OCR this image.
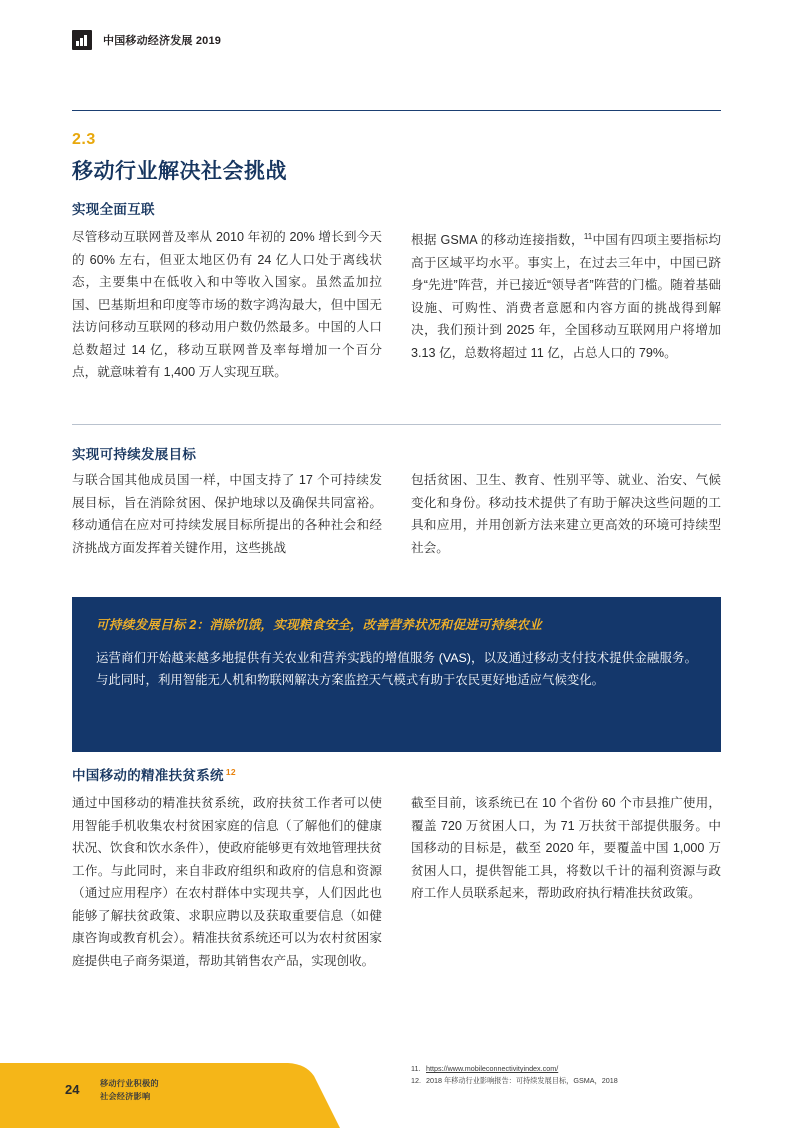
中国移动经济发展 2019
2.3
移动行业解决社会挑战
实现全面互联
尽管移动互联网普及率从 2010 年初的 20% 增长到今天的 60% 左右，但亚太地区仍有 24 亿人口处于离线状态，主要集中在低收入和中等收入国家。虽然孟加拉国、巴基斯坦和印度等市场的数字鸿沟最大，但中国无法访问移动互联网的移动用户数仍然最多。中国的人口总数超过 14 亿，移动互联网普及率每增加一个百分点，就意味着有 1,400 万人实现互联。
根据 GSMA 的移动连接指数，$^{11}$中国有四项主要指标均高于区域平均水平。事实上，在过去三年中，中国已跻身“先进”阵营，并已接近“领导者”阵营的门槛。随着基础设施、可购性、消费者意愿和内容方面的挑战得到解决，我们预计到 2025 年，全国移动互联网用户将增加 3.13 亿，总数将超过 11 亿，占总人口的 79%。
实现可持续发展目标
与联合国其他成员国一样，中国支持了 17 个可持续发展目标，旨在消除贫困、保护地球以及确保共同富裕。移动通信在应对可持续发展目标所提出的各种社会和经济挑战方面发挥着关键作用，这些挑战
包括贫困、卫生、教育、性别平等、就业、治安、气候变化和身份。移动技术提供了有助于解决这些问题的工具和应用，并用创新方法来建立更高效的环境可持续型社会。
可持续发展目标 2：消除饥饿，实现粮食安全，改善营养状况和促进可持续农业
运营商们开始越来越多地提供有关农业和营养实践的增值服务 (VAS)，以及通过移动支付技术提供金融服务。与此同时，利用智能无人机和物联网解决方案监控天气模式有助于农民更好地适应气候变化。
中国移动的精准扶贫系统 $^{12}$
通过中国移动的精准扶贫系统，政府扶贫工作者可以使用智能手机收集农村贫困家庭的信息（了解他们的健康状况、饮食和饮水条件），使政府能够更有效地管理扶贫工作。与此同时，来自非政府组织和政府的信息和资源（通过应用程序）在农村群体中实现共享，人们因此也能够了解扶贫政策、求职应聘以及获取重要信息（如健康咨询或教育机会）。精准扶贫系统还可以为农村贫困家庭提供电子商务渠道，帮助其销售农产品，实现创收。
截至目前，该系统已在 10 个省份 60 个市县推广使用，覆盖 720 万贫困人口，为 71 万扶贫干部提供服务。中国移动的目标是，截至 2020 年，要覆盖中国 1,000 万贫困人口，提供智能工具，将数以千计的福利资源与政府工作人员联系起来，帮助政府执行精准扶贫政策。
11. https://www.mobileconnectivityindex.com/
12. 2018 年移动行业影响报告：可持续发展目标，GSMA，2018
24	移动行业积极的
社会经济影响
